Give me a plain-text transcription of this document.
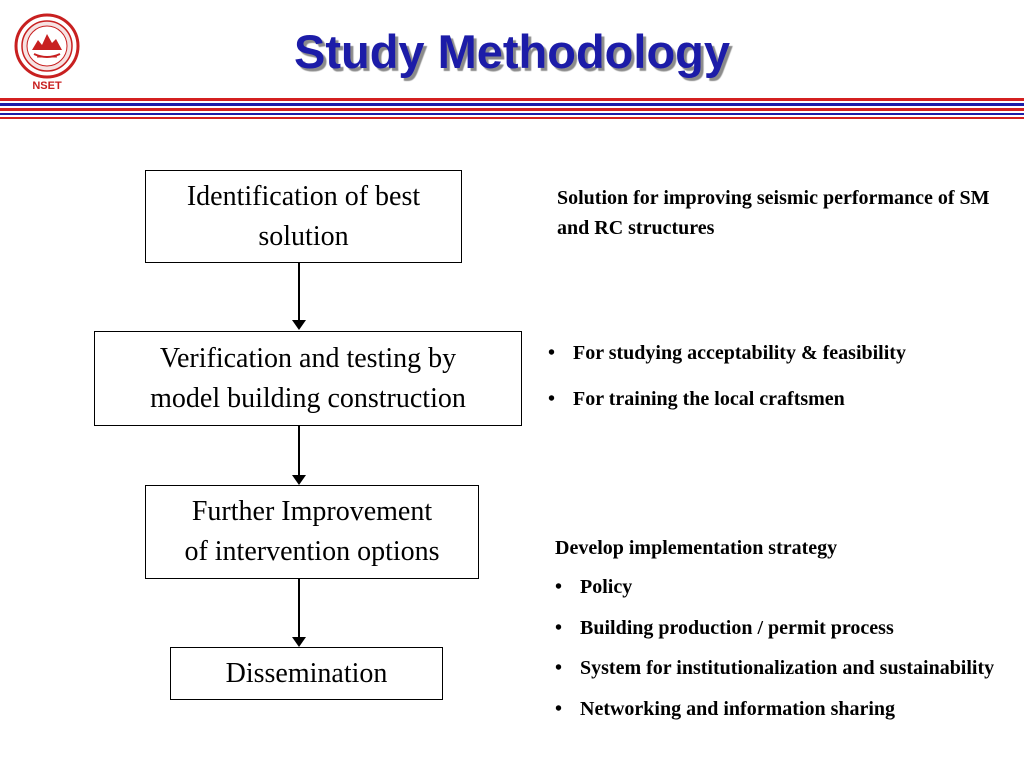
NSET
Study Methodology
Identification of best
solution
Verification and testing by
model building construction
Further Improvement
of intervention options
Dissemination
Solution for improving seismic performance of SM and RC structures
• For studying acceptability & feasibility
• For training the local craftsmen
Develop implementation strategy
• Policy
• Building production / permit process
• System for institutionalization and sustainability
• Networking and information sharing
